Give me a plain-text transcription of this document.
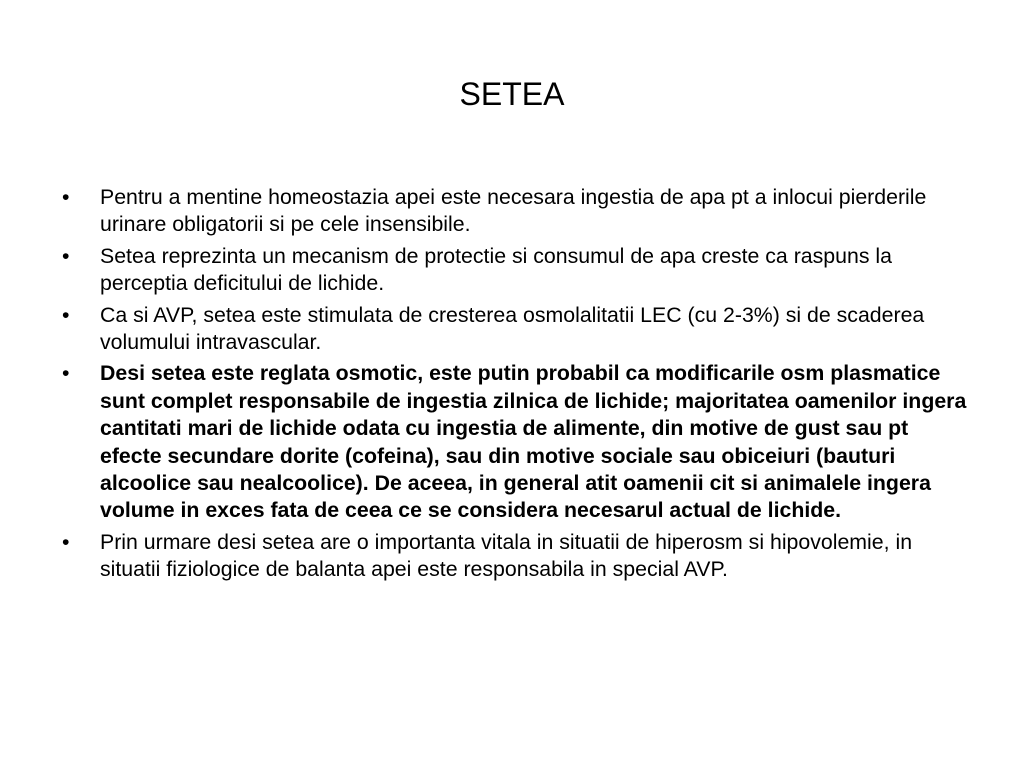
SETEA
•	Pentru a mentine homeostazia apei este necesara ingestia de apa pt a inlocui pierderile urinare obligatorii si pe cele insensibile.
•	Setea reprezinta un mecanism de protectie si consumul de apa creste ca raspuns la perceptia deficitului de lichide.
•	Ca si AVP, setea este stimulata de cresterea osmolalitatii LEC (cu 2-3%) si de scaderea volumului intravascular.
•	Desi setea este reglata osmotic, este putin probabil ca modificarile osm plasmatice sunt complet responsabile de ingestia zilnica de lichide; majoritatea oamenilor ingera cantitati mari de lichide odata cu ingestia de alimente, din motive de gust sau pt efecte secundare dorite (cofeina), sau din motive sociale sau obiceiuri (bauturi alcoolice sau nealcoolice). De aceea, in general atit oamenii cit si animalele ingera volume in exces fata de ceea ce se considera necesarul actual de lichide.
•	Prin urmare desi setea are o importanta vitala in situatii de hiperosm si hipovolemie, in situatii fiziologice de balanta apei este responsabila in special AVP.
